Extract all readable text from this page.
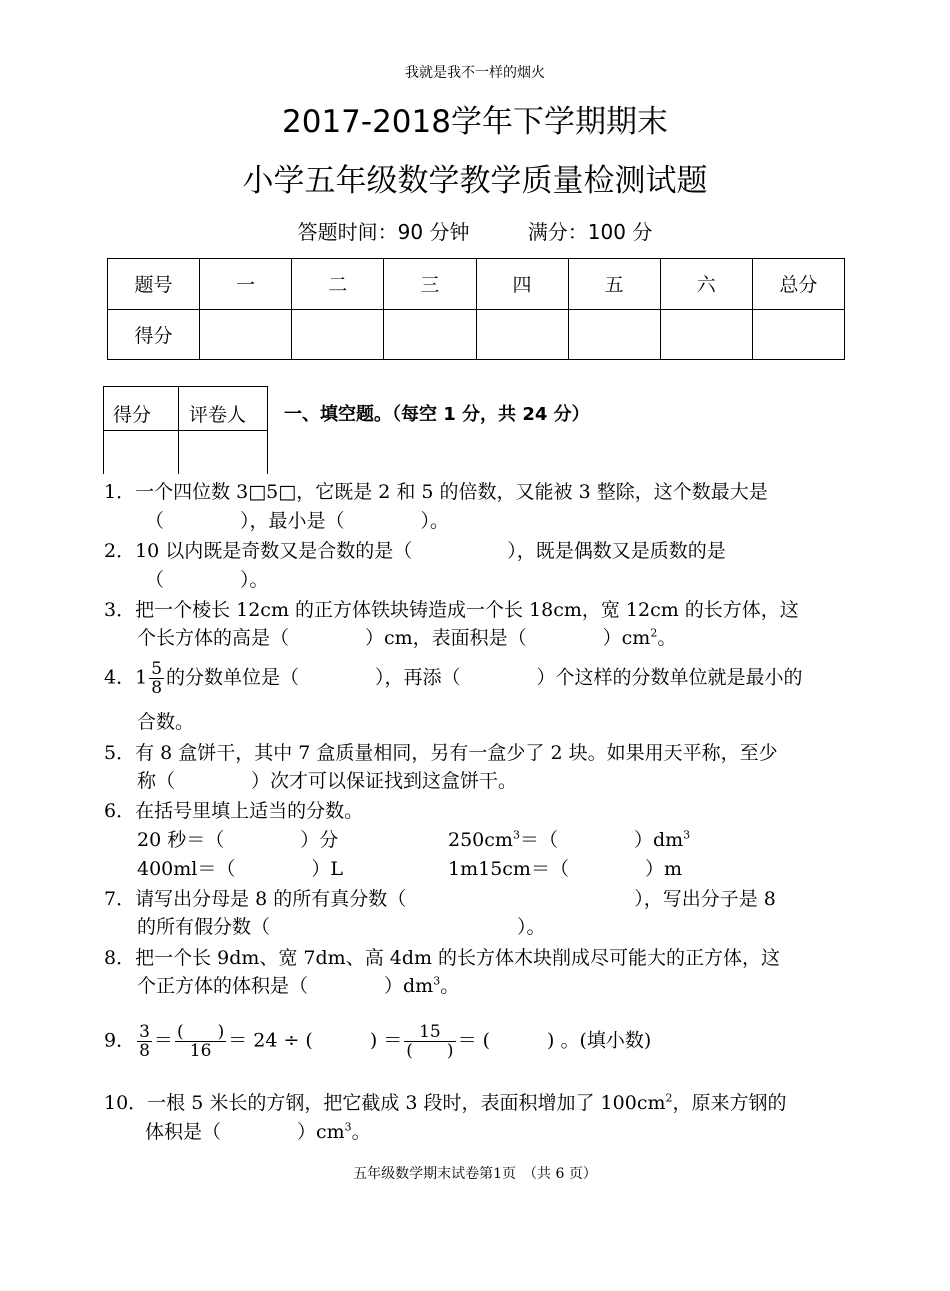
我就是我不一样的烟火
2017-2018学年下学期期末
小学五年级数学教学质量检测试题
答题时间：90 分钟	满分：100 分
题号	一	二	三	四	五	六	总分
得分							
得分 评卷人 一、填空题。（每空 1 分，共 24 分）
1．一个四位数 3□5□，它既是 2 和 5 的倍数，又能被 3 整除，这个数最大是
（　　　　），最小是（　　　　）。
2．10 以内既是奇数又是合数的是（　　　　　），既是偶数又是质数的是
（　　　　）。
3．把一个棱长 12cm 的正方体铁块铸造成一个长 18cm，宽 12cm 的长方体，这
个长方体的高是（　　　　）cm，表面积是（　　　　）$cm^2$。
4．$1 \frac{5}{8}$ 的分数单位是（　　　　），再添（　　　　）个这样的分数单位就是最小的
合数。
5．有 8 盒饼干，其中 7 盒质量相同，另有一盒少了 2 块。如果用天平称，至少
称（　　　　）次才可以保证找到这盒饼干。
6．在括号里填上适当的分数。
20 秒＝（　　　　）分	$250cm^3=$（　　　　）$dm^3$
400ml＝（　　　　）L	1m15cm＝（　　　　）m
7．请写出分母是 8 的所有真分数（　　　　　　　　　　　　），写出分子是 8
的所有假分数（　　　　　　　　　　　　　）。
8．把一个长 9dm、宽 7dm、高 4dm 的长方体木块削成尽可能大的正方体，这
个正方体的体积是（　　　　）$dm^3$。
9． $\frac{3}{8} = \frac{( )}{16} = 24$ ÷ (　　　) ＝ $\frac{15}{( )}$ ＝ (　　　) 。(填小数)
10．一根 5 米长的方钢，把它截成 3 段时，表面积增加了 $100cm^2$，原来方钢的
体积是（　　　　）$cm^3$。
五年级数学期末试卷第1页　（共 6 页）
